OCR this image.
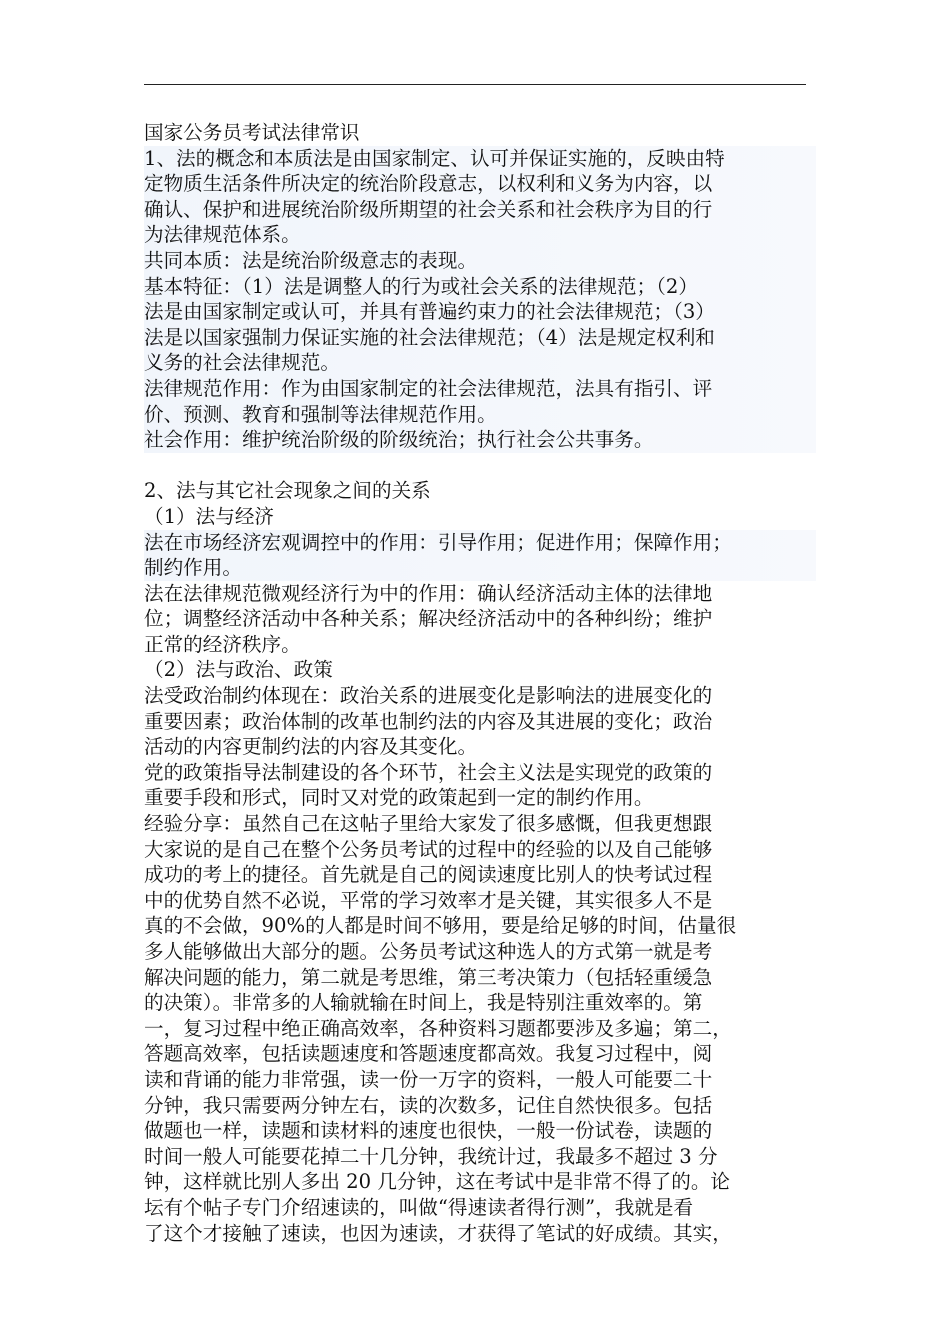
国家公务员考试法律常识
1、法的概念和本质法是由国家制定、认可并保证实施的，反映由特
定物质生活条件所决定的统治阶段意志，以权利和义务为内容，以
确认、保护和进展统治阶级所期望的社会关系和社会秩序为目的行
为法律规范体系。
共同本质：法是统治阶级意志的表现。
基本特征：（1）法是调整人的行为或社会关系的法律规范；（2）
法是由国家制定或认可，并具有普遍约束力的社会法律规范；（3）
法是以国家强制力保证实施的社会法律规范；（4）法是规定权利和
义务的社会法律规范。
法律规范作用：作为由国家制定的社会法律规范，法具有指引、评
价、预测、教育和强制等法律规范作用。
社会作用：维护统治阶级的阶级统治；执行社会公共事务。
2、法与其它社会现象之间的关系
（1）法与经济
法在市场经济宏观调控中的作用：引导作用；促进作用；保障作用；
制约作用。
法在法律规范微观经济行为中的作用：确认经济活动主体的法律地
位；调整经济活动中各种关系；解决经济活动中的各种纠纷；维护
正常的经济秩序。
（2）法与政治、政策
法受政治制约体现在：政治关系的进展变化是影响法的进展变化的
重要因素；政治体制的改革也制约法的内容及其进展的变化；政治
活动的内容更制约法的内容及其变化。
党的政策指导法制建设的各个环节，社会主义法是实现党的政策的
重要手段和形式，同时又对党的政策起到一定的制约作用。
经验分享：虽然自己在这帖子里给大家发了很多感慨，但我更想跟
大家说的是自己在整个公务员考试的过程中的经验的以及自己能够
成功的考上的捷径。首先就是自己的阅读速度比别人的快考试过程
中的优势自然不必说，平常的学习效率才是关键，其实很多人不是
真的不会做，90%的人都是时间不够用，要是给足够的时间，估量很
多人能够做出大部分的题。公务员考试这种选人的方式第一就是考
解决问题的能力，第二就是考思维，第三考决策力（包括轻重缓急
的决策）。非常多的人输就输在时间上，我是特别注重效率的。第
一，复习过程中绝正确高效率，各种资料习题都要涉及多遍；第二，
答题高效率，包括读题速度和答题速度都高效。我复习过程中，阅
读和背诵的能力非常强，读一份一万字的资料，一般人可能要二十
分钟，我只需要两分钟左右，读的次数多，记住自然快很多。包括
做题也一样，读题和读材料的速度也很快，一般一份试卷，读题的
时间一般人可能要花掉二十几分钟，我统计过，我最多不超过 3 分
钟，这样就比别人多出 20 几分钟，这在考试中是非常不得了的。论
坛有个帖子专门介绍速读的，叫做“得速读者得行测”，我就是看
了这个才接触了速读，也因为速读，才获得了笔试的好成绩。其实，
